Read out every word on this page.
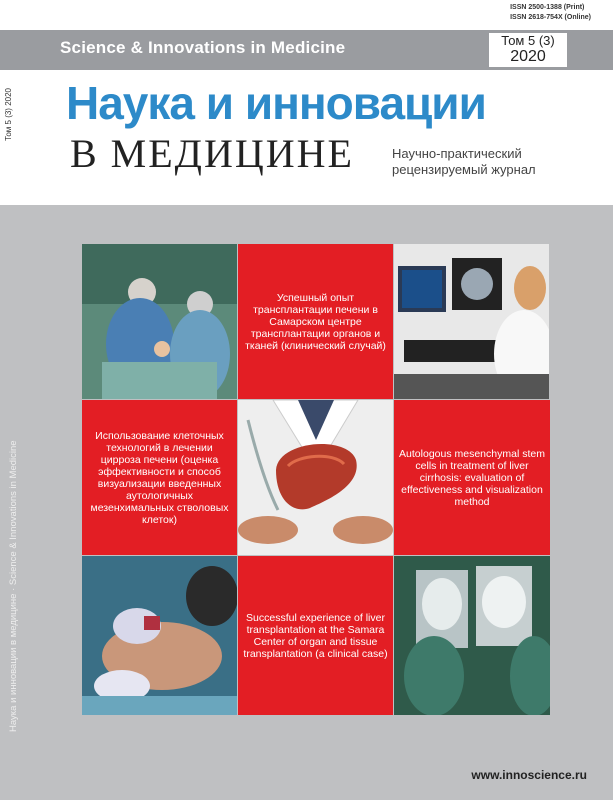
ISSN 2500-1388 (Print)
ISSN 2618-754X (Online)
Science & Innovations in Medicine	Том 5 (3)
2020
Том 5 (3) 2020 Наука и инновации
В МЕДИЦИНЕ	Научно-практический
рецензируемый журнал
Наука и инновации в медицине · Science & Innovations in Medicine
Успешный опыт трансплантации печени в Самарском центре трансплантации органов и тканей (клинический случай)
Использование клеточных технологий в лечении цирроза печени (оценка эффективности и способ визуализации введенных аутологичных мезенхимальных стволовых клеток)
Autologous mesenchymal stem cells in treatment of liver cirrhosis: evaluation of effectiveness and visualization method
Successful experience of liver transplantation at the Samara Center of organ and tissue transplantation (a clinical case)
www.innoscience.ru
